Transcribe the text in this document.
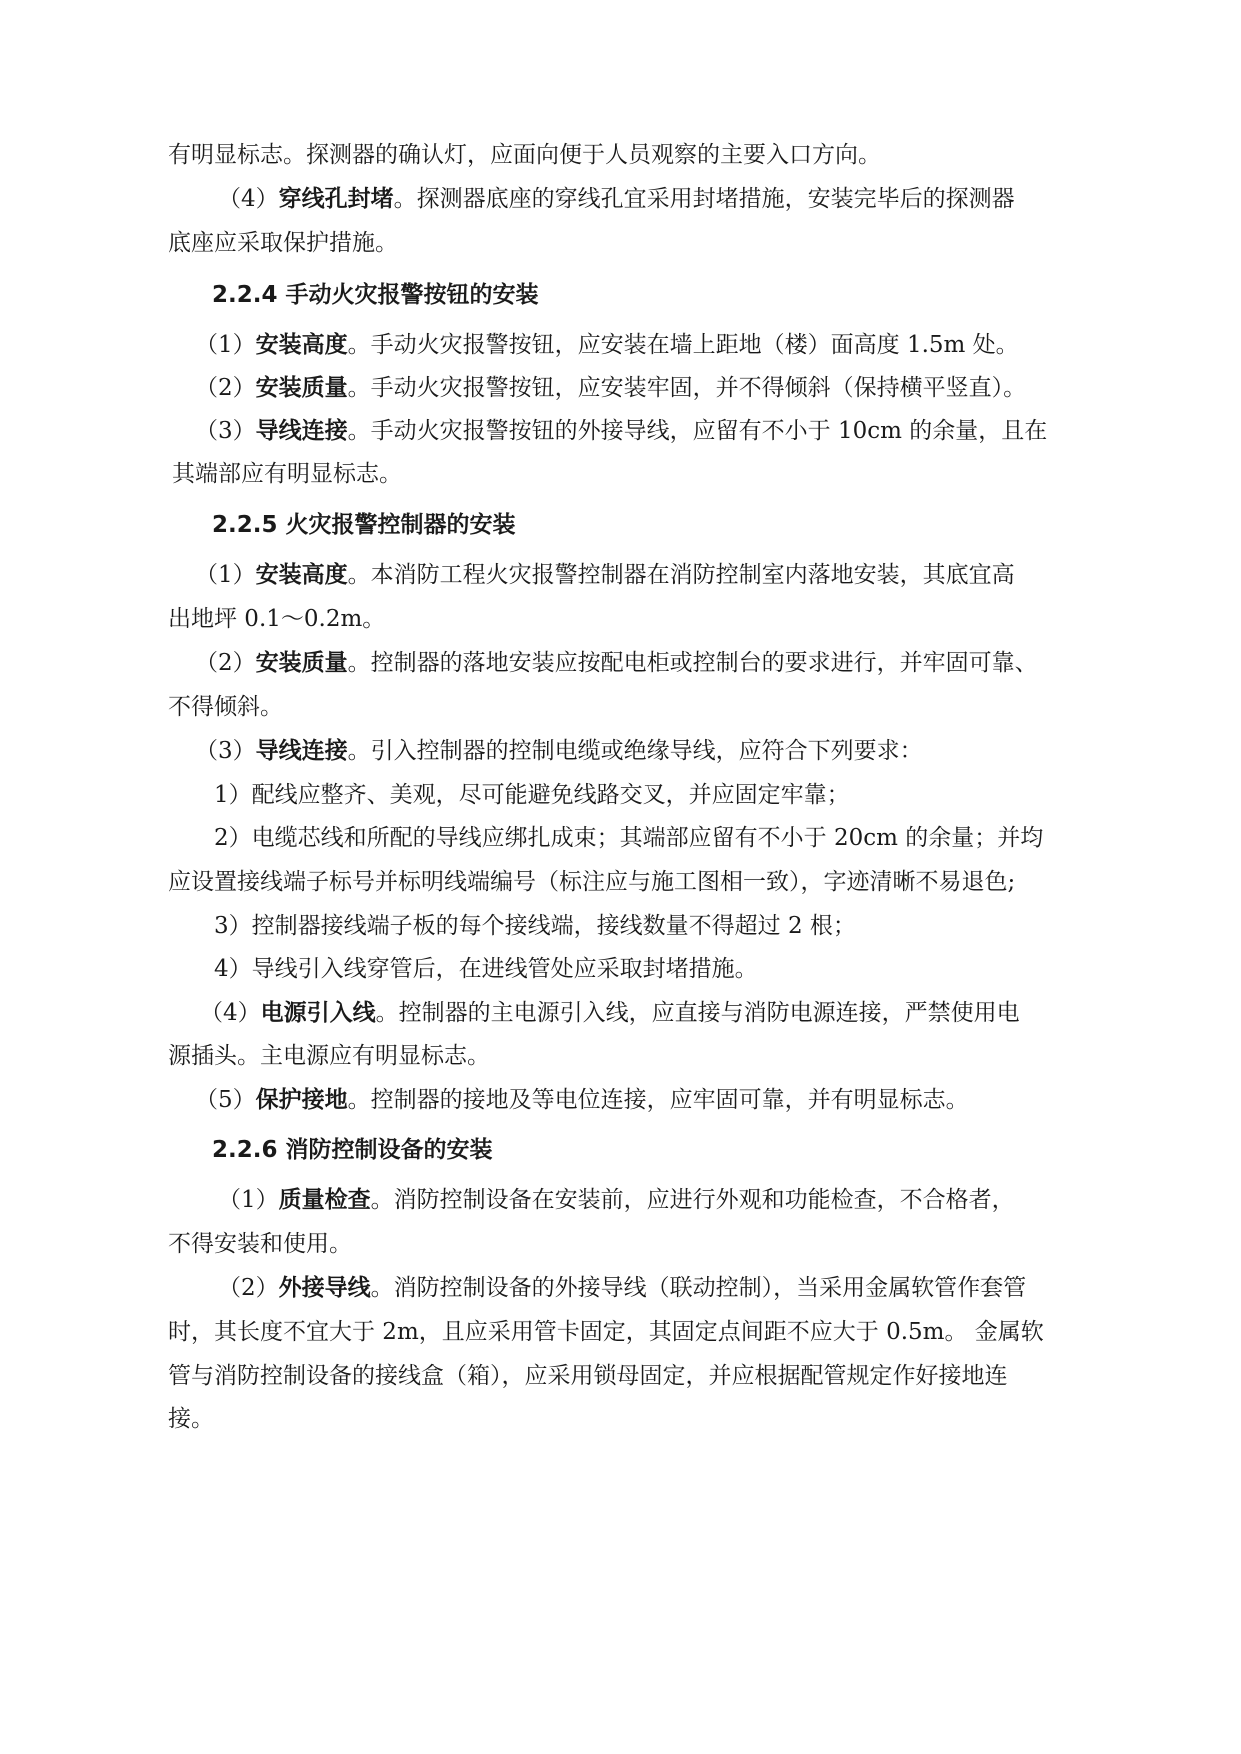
有明显标志。探测器的确认灯，应面向便于人员观察的主要入口方向。
（4）穿线孔封堵。探测器底座的穿线孔宜采用封堵措施，安装完毕后的探测器
底座应采取保护措施。
2.2.4 手动火灾报警按钮的安装
（1）安装高度。手动火灾报警按钮，应安装在墙上距地（楼）面高度 1.5m 处。
（2）安装质量。手动火灾报警按钮，应安装牢固，并不得倾斜（保持横平竖直）。
（3）导线连接。手动火灾报警按钮的外接导线，应留有不小于 10cm 的余量，且在
其端部应有明显标志。
2.2.5 火灾报警控制器的安装
（1）安装高度。本消防工程火灾报警控制器在消防控制室内落地安装，其底宜高
出地坪 0.1～0.2m。
（2）安装质量。控制器的落地安装应按配电柜或控制台的要求进行，并牢固可靠、
不得倾斜。
（3）导线连接。引入控制器的控制电缆或绝缘导线，应符合下列要求：
1）配线应整齐、美观，尽可能避免线路交叉，并应固定牢靠；
2）电缆芯线和所配的导线应绑扎成束；其端部应留有不小于 20cm 的余量；并均
应设置接线端子标号并标明线端编号（标注应与施工图相一致），字迹清晰不易退色;
3）控制器接线端子板的每个接线端，接线数量不得超过 2 根；
4）导线引入线穿管后，在进线管处应采取封堵措施。
（4）电源引入线。控制器的主电源引入线，应直接与消防电源连接，严禁使用电
源插头。主电源应有明显标志。
（5）保护接地。控制器的接地及等电位连接，应牢固可靠，并有明显标志。
2.2.6 消防控制设备的安装
（1）质量检查。消防控制设备在安装前，应进行外观和功能检查，不合格者，
不得安装和使用。
（2）外接导线。消防控制设备的外接导线（联动控制），当采用金属软管作套管
时，其长度不宜大于 2m，且应采用管卡固定，其固定点间距不应大于 0.5m。 金属软
管与消防控制设备的接线盒（箱），应采用锁母固定，并应根据配管规定作好接地连
接。
